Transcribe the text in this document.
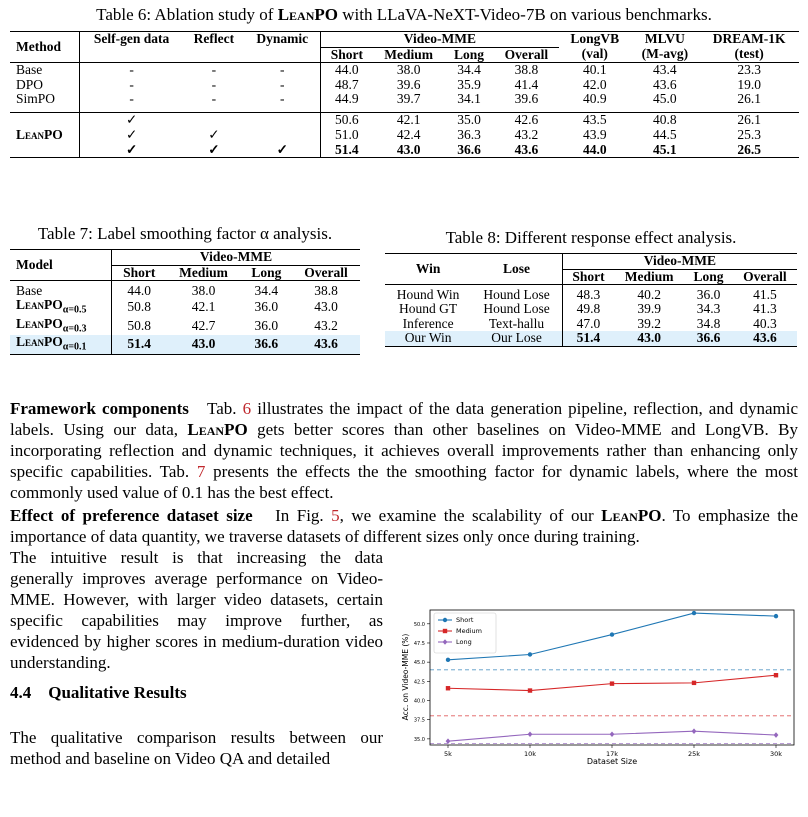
Table 6: Ablation study of LeanPO with LLaVA-NeXT-Video-7B on various benchmarks.
Method	Self-gen data	Reflect	Dynamic	Video-MME				LongVB	MLVU	DREAM-1K
				Short	Medium	Long	Overall	(val)	(M-avg)	(test)
Base	-	-	-	44.0	38.0	34.4	38.8	40.1	43.4	23.3
DPO	-	-	-	48.7	39.6	35.9	41.4	42.0	43.6	19.0
SimPO	-	-	-	44.9	39.7	34.1	39.6	40.9	45.0	26.1

LeanPO	✓			50.6	42.1	35.0	42.6	43.5	40.8	26.1
	✓	✓		51.0	42.4	36.3	43.2	43.9	44.5	25.3
	✓	✓	✓	51.4	43.0	36.6	43.6	44.0	45.1	26.5
Table 7: Label smoothing factor α analysis.
Model	Video-MME			
	Short	Medium	Long	Overall

Base	44.0	38.0	34.4	38.8
LeanPO$_{\alpha=0.5}$	50.8	42.1	36.0	43.0
LeanPO$_{\alpha=0.3}$	50.8	42.7	36.0	43.2
LeanPO$_{\alpha=0.1}$	51.4	43.0	36.6	43.6
Table 8: Different response effect analysis.
Win	Lose	Video-MME			
		Short	Medium	Long	Overall

Hound Win	Hound Lose	48.3	40.2	36.0	41.5
Hound GT	Hound Lose	49.8	39.9	34.3	41.3
Inference	Text-hallu	47.0	39.2	34.8	40.3
Our Win	Our Lose	51.4	43.0	36.6	43.6
Framework components Tab. 6 illustrates the impact of the data generation pipeline, reflection, and dynamic labels. Using our data, LeanPO gets better scores than other baselines on Video-MME and LongVB. By incorporating reflection and dynamic techniques, it achieves overall improvements rather than enhancing only specific capabilities. Tab. 7 presents the effects the the smoothing factor for dynamic labels, where the most commonly used value of 0.1 has the best effect.
Effect of preference dataset size In Fig. 5, we examine the scalability of our LeanPO. To emphasize the importance of data quantity, we traverse datasets of different sizes only once during training.
The intuitive result is that increasing the data generally improves average performance on Video-MME. However, with larger video datasets, certain specific capabilities may improve further, as evidenced by higher scores in medium-duration video understanding.
4.4 Qualitative Results
The qualitative comparison results between our method and baseline on Video QA and detailed
35.0
37.5
40.0
42.5
45.0
47.5
50.0
5k	10k	17k	25k	30k
Dataset Size
Acc. on Video-MME (%)
Short
Medium
Long
